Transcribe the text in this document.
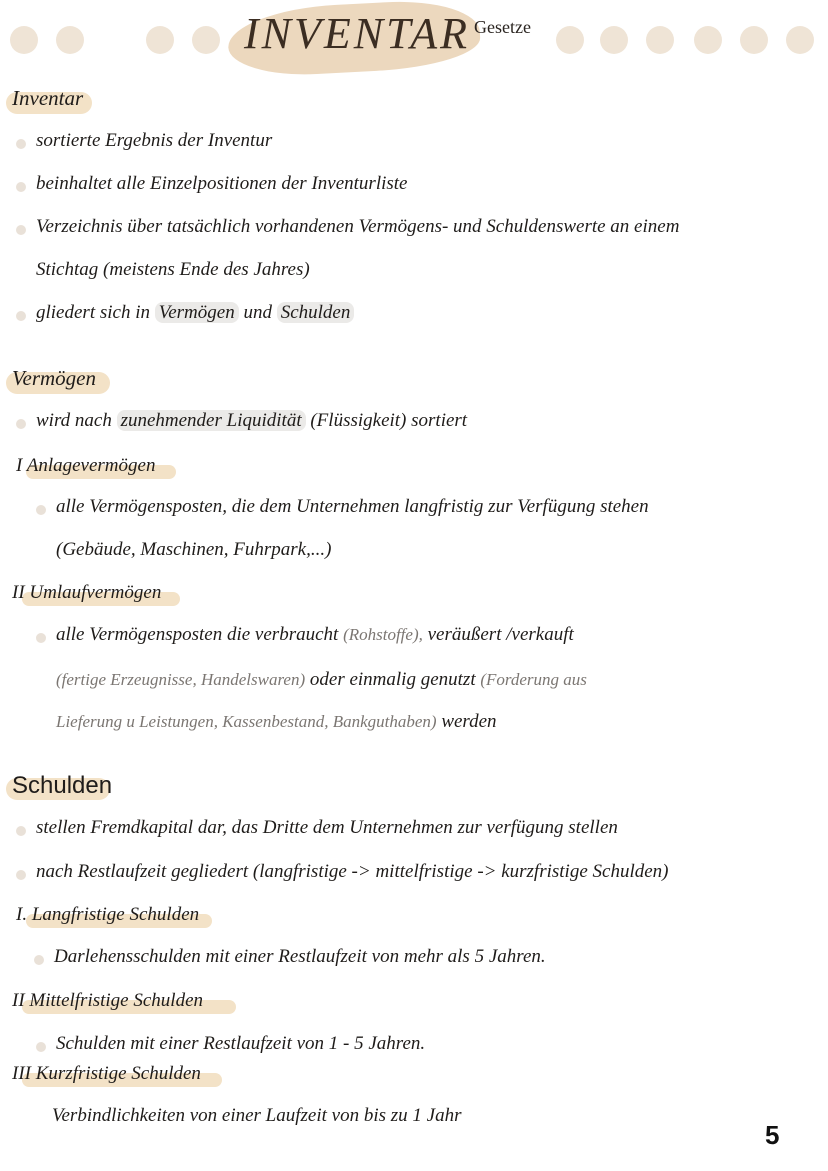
INVENTAR Gesetze
Inventar
sortierte Ergebnis der Inventur
beinhaltet alle Einzelpositionen der Inventurliste
Verzeichnis über tatsächlich vorhandenen Vermögens- und Schuldenswerte an einem
Stichtag (meistens Ende des Jahres)
gliedert sich in Vermögen und Schulden
Vermögen
wird nach zunehmender Liquidität (Flüssigkeit) sortiert
I Anlagevermögen
alle Vermögensposten, die dem Unternehmen langfristig zur Verfügung stehen
(Gebäude, Maschinen, Fuhrpark,...)
II Umlaufvermögen
alle Vermögensposten die verbraucht (Rohstoffe), veräußert /verkauft
(fertige Erzeugnisse, Handelswaren) oder einmalig genutzt (Forderung aus
Lieferung u Leistungen, Kassenbestand, Bankguthaben) werden
Schulden
stellen Fremdkapital dar, das Dritte dem Unternehmen zur verfügung stellen
nach Restlaufzeit gegliedert (langfristige -> mittelfristige -> kurzfristige Schulden)
I. Langfristige Schulden
Darlehensschulden mit einer Restlaufzeit von mehr als 5 Jahren.
II Mittelfristige Schulden
Schulden mit einer Restlaufzeit von 1 - 5 Jahren.
III Kurzfristige Schulden
Verbindlichkeiten von einer Laufzeit von bis zu 1 Jahr
5
